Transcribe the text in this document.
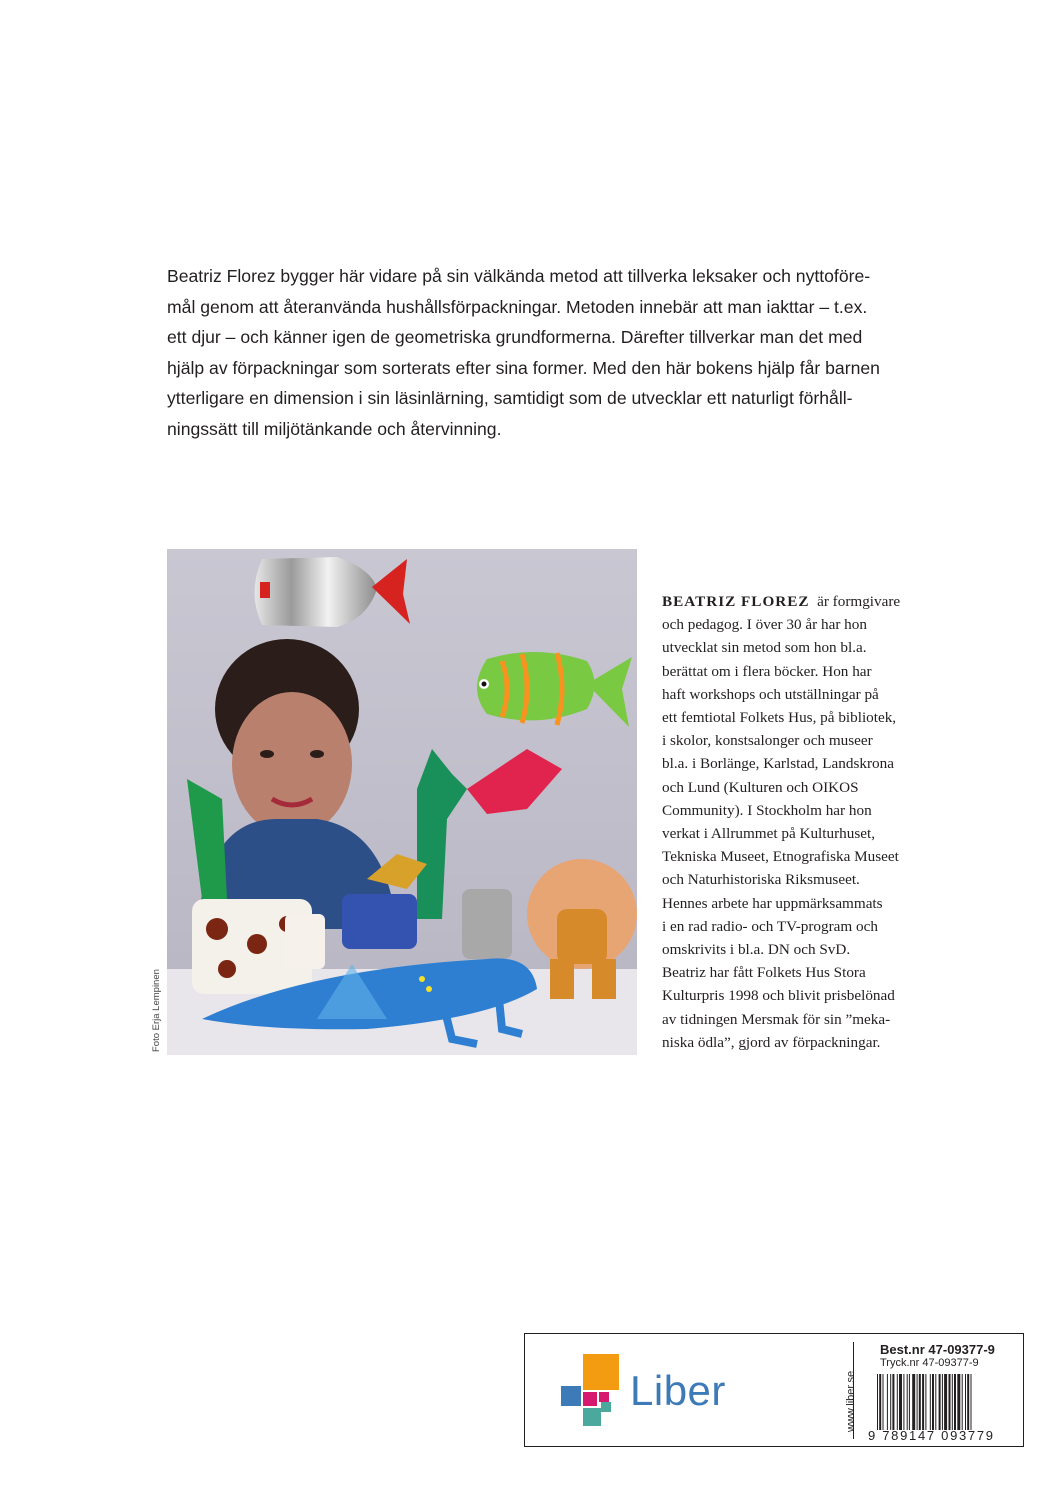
Beatriz Florez bygger här vidare på sin välkända metod att tillverka leksaker och nyttoföre-

mål genom att återanvända hushållsförpackningar. Metoden innebär att man iakttar – t.ex.

ett djur – och känner igen de geometriska grundformerna. Därefter tillverkar man det med

hjälp av förpackningar som sorterats efter sina former. Med den här bokens hjälp får barnen

ytterligare en dimension i sin läsinlärning, samtidigt som de utvecklar ett naturligt förhåll-

ningssätt till miljötänkande och återvinning.

Foto Erja Lempinen

BEATRIZ FLOREZ är formgivare

och pedagog. I över 30 år har hon

utvecklat sin metod som hon bl.a.

berättat om i flera böcker. Hon har

haft workshops och utställningar på

ett femtiotal Folkets Hus, på bibliotek,

i skolor, konstsalonger och museer

bl.a. i Borlänge, Karlstad, Landskrona

och Lund (Kulturen och OIKOS

Community). I Stockholm har hon

verkat i Allrummet på Kulturhuset,

Tekniska Museet, Etnografiska Museet

och Naturhistoriska Riksmuseet.

Hennes arbete har uppmärksammats

i en rad radio- och TV-program och

omskrivits i bl.a. DN och SvD.

Beatriz har fått Folkets Hus Stora

Kulturpris 1998 och blivit prisbelönad

av tidningen Mersmak för sin ”meka-

niska ödla”, gjord av förpackningar.

Liber	www.liber.se
Best.nr 47-09377-9
Tryck.nr 47-09377-9
9 789147 093779
